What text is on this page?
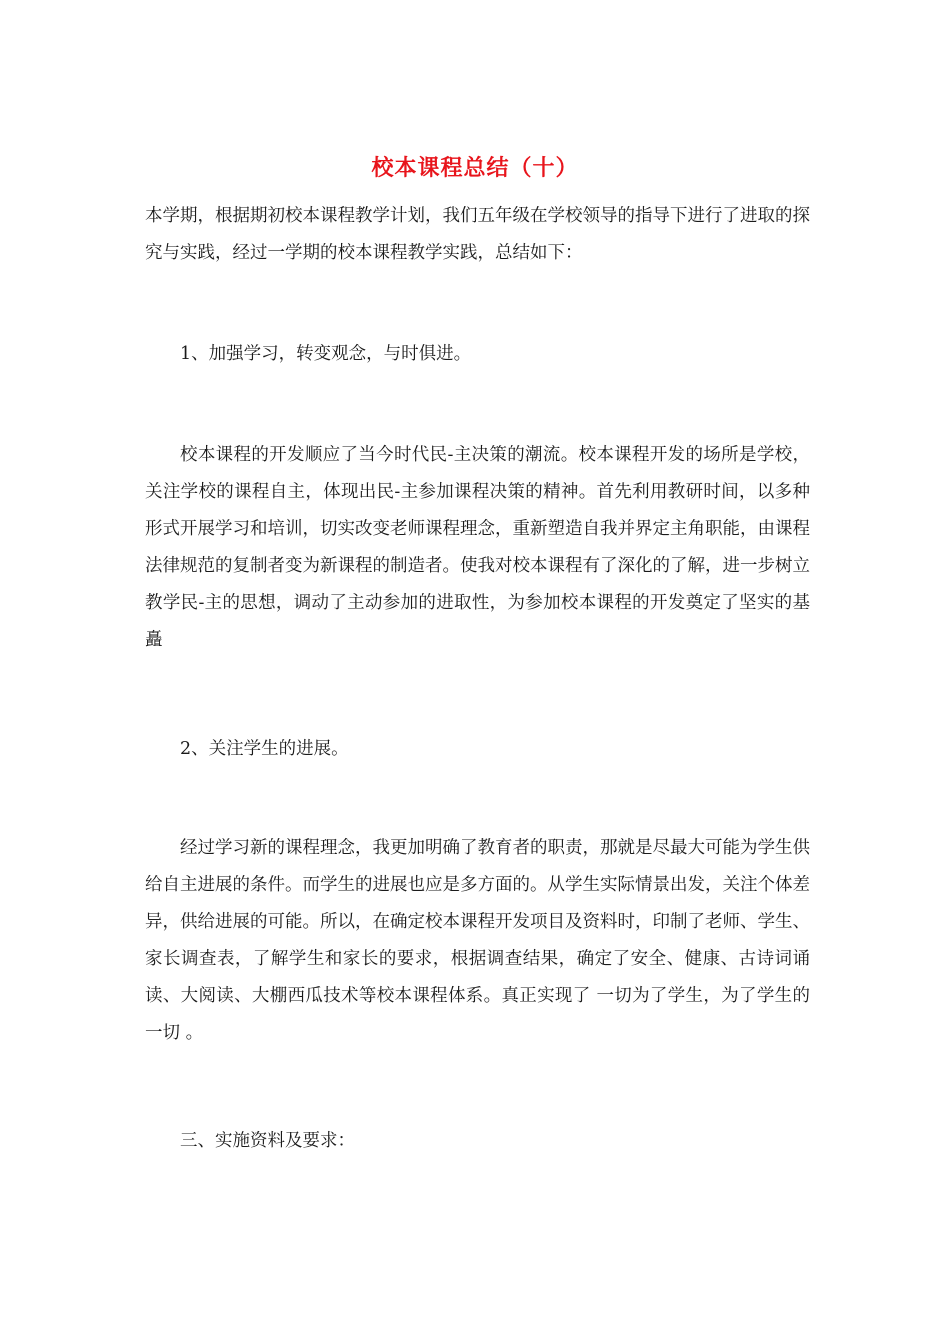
校本课程总结（十）

本学期，根据期初校本课程教学计划，我们五年级在学校领导的指导下进行了进取的探究与实践，经过一学期的校本课程教学实践，总结如下：

1、加强学习，转变观念，与时俱进。

校本课程的开发顺应了当今时代民-主决策的潮流。校本课程开发的场所是学校，关注学校的课程自主，体现出民-主参加课程决策的精神。首先利用教研时间，以多种形式开展学习和培训，切实改变老师课程理念，重新塑造自我并界定主角职能，由课程法律规范的复制者变为新课程的制造者。使我对校本课程有了深化的了解，进一步树立教学民-主的思想，调动了主动参加的进取性，为参加校本课程的开发奠定了坚实的基矗

2、关注学生的进展。

经过学习新的课程理念，我更加明确了教育者的职责，那就是尽最大可能为学生供给自主进展的条件。而学生的进展也应是多方面的。从学生实际情景出发，关注个体差异，供给进展的可能。所以，在确定校本课程开发项目及资料时，印制了老师、学生、家长调查表，了解学生和家长的要求，根据调查结果，确定了安全、健康、古诗词诵读、大阅读、大棚西瓜技术等校本课程体系。真正实现了 一切为了学生，为了学生的一切 。

三、实施资料及要求：
